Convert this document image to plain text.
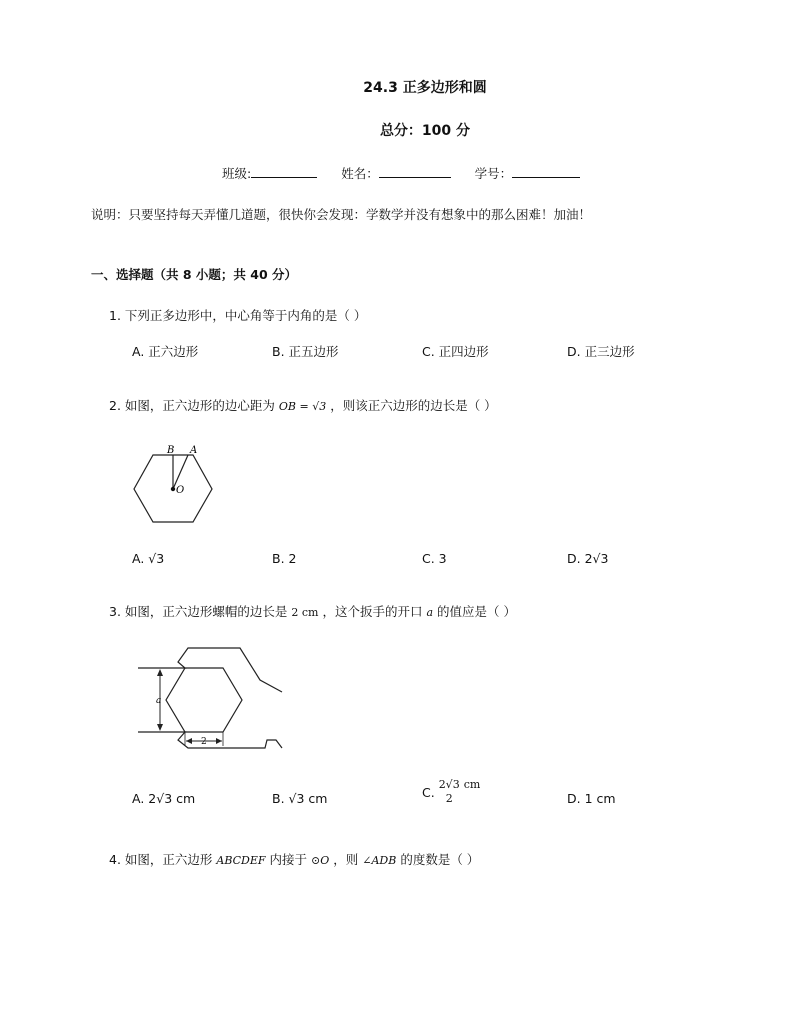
24.3 正多边形和圆
总分：100 分
班级:	姓名：	学号：
说明：只要坚持每天弄懂几道题，很快你会发现：学数学并没有想象中的那么困难！加油！
一、选择题（共 8 小题；共 40 分）
1. 下列正多边形中，中心角等于内角的是（ ）
A. 正六边形	B. 正五边形	C. 正四边形	D. 正三边形
2. 如图，正六边形的边心距为 OB = √3 ，则该正六边形的边长是（ ）
B A
O
A. √3	B. 2	C. 3	D. 2√3
3. 如图，正六边形螺帽的边长是 2 cm ，这个扳手的开口 a 的值应是（ ）
a
2
A. 2√3 cm	B. √3 cm	C. 2√3
2
cm
D. 1 cm
4. 如图，正六边形 ABCDEF 内接于 ⊙O ，则 ∠ADB 的度数是（ ）
